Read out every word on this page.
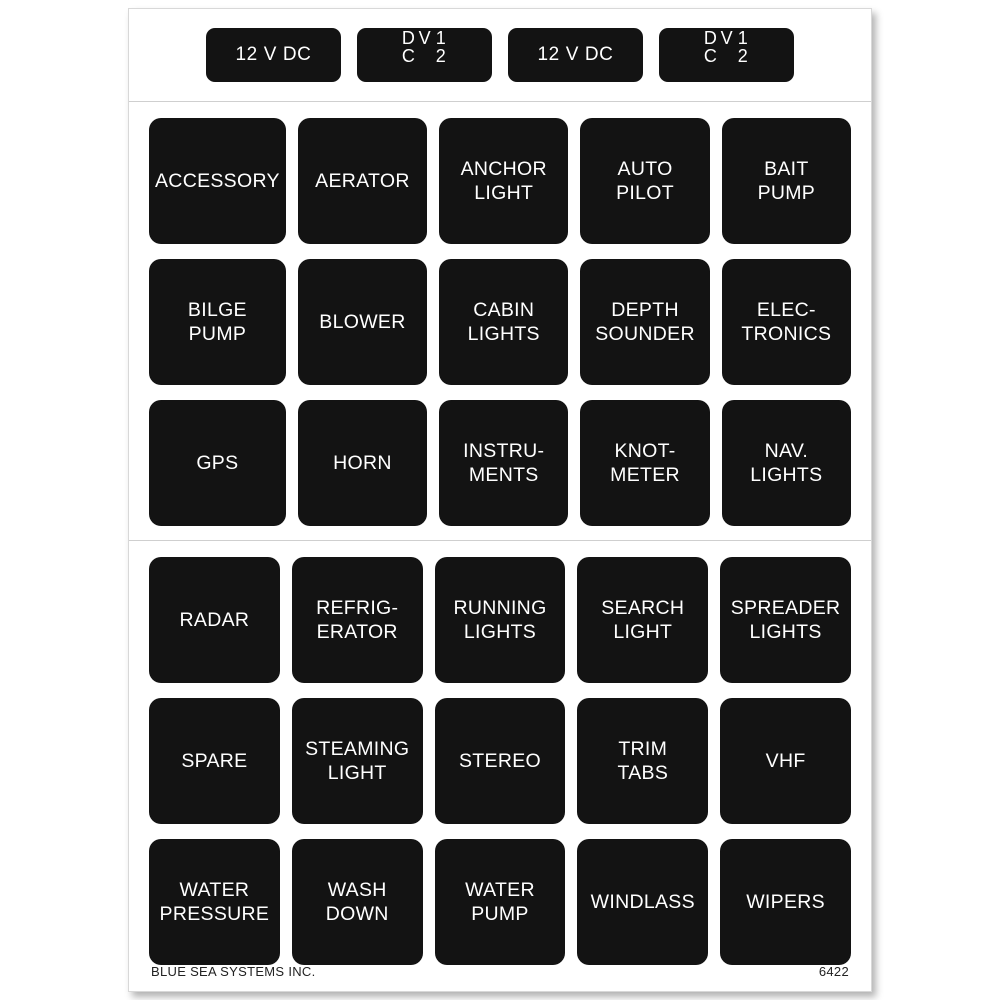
12 V DC	12 V DC	12 V DC	12 V DC
ACCESSORY AERATOR
ANCHOR
LIGHT
AUTO
PILOT
BAIT
PUMP
BILGE
PUMP
BLOWER
CABIN
LIGHTS
DEPTH
SOUNDER
ELEC-
TRONICS
GPS	HORN
INSTRU-
MENTS
KNOT-
METER
NAV.
LIGHTS
RADAR
REFRIG-
ERATOR
RUNNING
LIGHTS
SEARCH
LIGHT
SPREADER
LIGHTS
SPARE
STEAMING
LIGHT
STEREO
TRIM
TABS
VHF
WATER
PRESSURE
WASH
DOWN
WATER
PUMP
WINDLASS	WIPERS
BLUE SEA SYSTEMS INC.	6422
